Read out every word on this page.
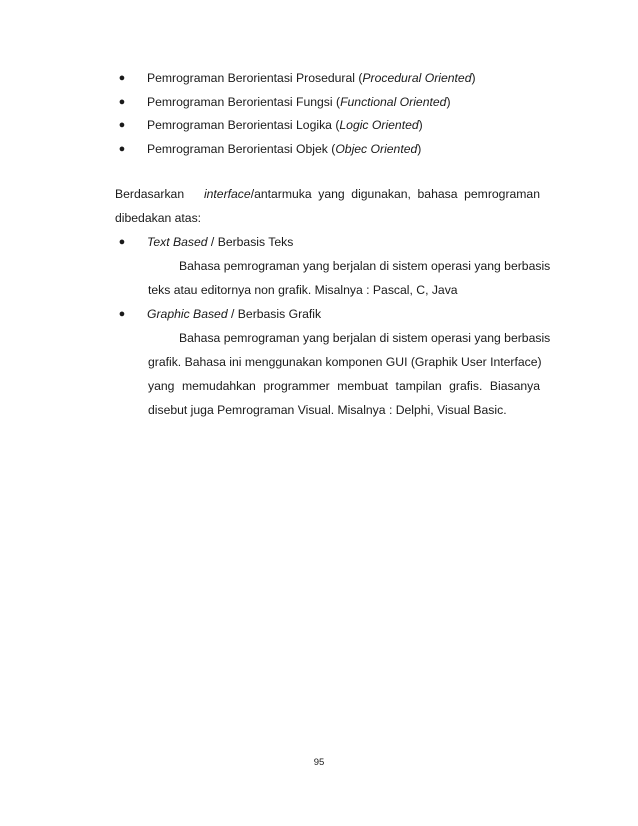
● Pemrograman Berorientasi Prosedural (Procedural Oriented)
● Pemrograman Berorientasi Fungsi (Functional Oriented)
● Pemrograman Berorientasi Logika (Logic Oriented)
● Pemrograman Berorientasi Objek (Objec Oriented)

Berdasarkan interface/antarmuka yang digunakan, bahasa pemrograman
dibedakan atas:

● Text Based / Berbasis Teks
Bahasa pemrograman yang berjalan di sistem operasi yang berbasis
teks atau editornya non grafik. Misalnya : Pascal, C, Java
● Graphic Based / Berbasis Grafik
Bahasa pemrograman yang berjalan di sistem operasi yang berbasis
grafik. Bahasa ini menggunakan komponen GUI (Graphik User Interface)
yang memudahkan programmer membuat tampilan grafis. Biasanya
disebut juga Pemrograman Visual. Misalnya : Delphi, Visual Basic.
95
